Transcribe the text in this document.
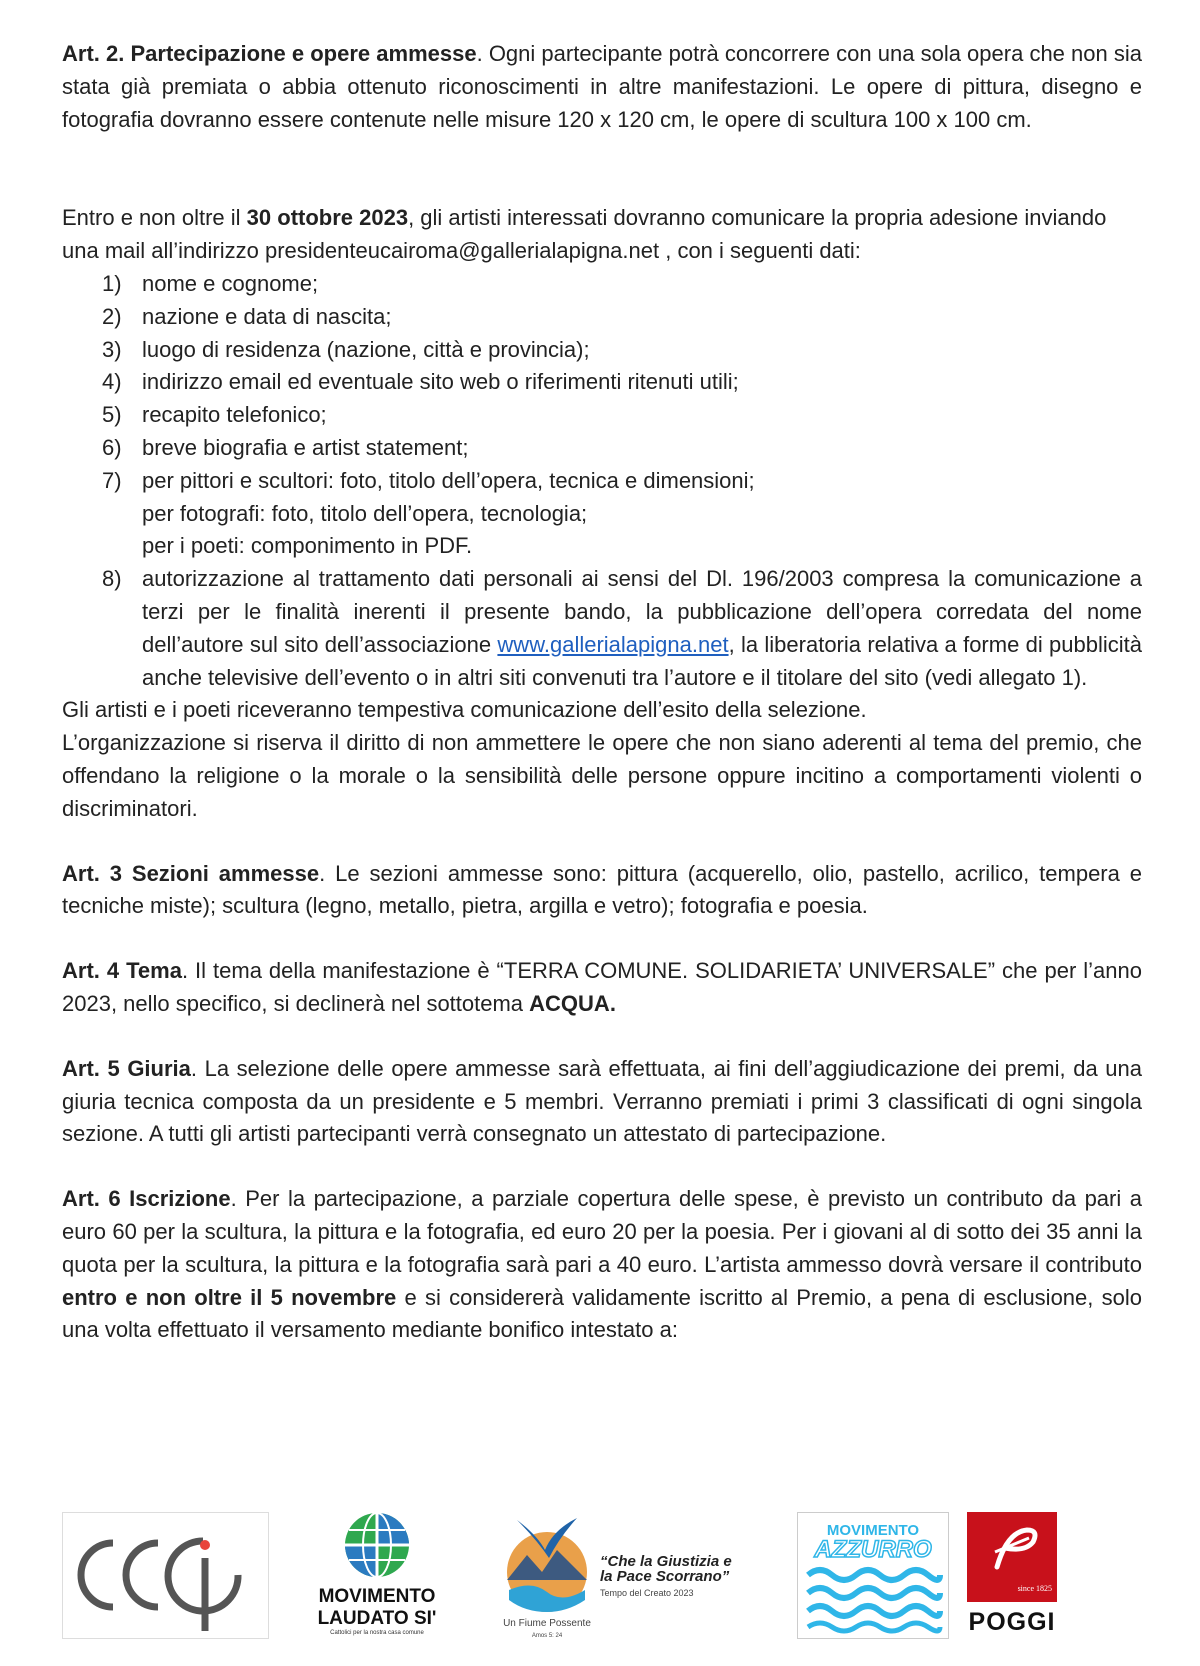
Art. 2. Partecipazione e opere ammesse. Ogni partecipante potrà concorrere con una sola opera che non sia stata già premiata o abbia ottenuto riconoscimenti in altre manifestazioni. Le opere di pittura, disegno e fotografia dovranno essere contenute nelle misure 120 x 120 cm, le opere di scultura 100 x 100 cm.

Entro e non oltre il 30 ottobre 2023, gli artisti interessati dovranno comunicare la propria adesione inviando una mail all’indirizzo presidenteucairoma@gallerialapigna.net , con i seguenti dati:

1) nome e cognome;
2) nazione e data di nascita;
3) luogo di residenza (nazione, città e provincia);
4) indirizzo email ed eventuale sito web o riferimenti ritenuti utili;
5) recapito telefonico;
6) breve biografia e artist statement;
7) per pittori e scultori: foto, titolo dell’opera, tecnica e dimensioni;
per fotografi: foto, titolo dell’opera, tecnologia;
per i poeti: componimento in PDF.
8) autorizzazione al trattamento dati personali ai sensi del Dl. 196/2003 compresa la comunicazione a terzi per le finalità inerenti il presente bando, la pubblicazione dell’opera corredata del nome dell’autore sul sito dell’associazione www.gallerialapigna.net, la liberatoria relativa a forme di pubblicità anche televisive dell’evento o in altri siti convenuti tra l’autore e il titolare del sito (vedi allegato 1).

Gli artisti e i poeti riceveranno tempestiva comunicazione dell’esito della selezione.

L’organizzazione si riserva il diritto di non ammettere le opere che non siano aderenti al tema del premio, che offendano la religione o la morale o la sensibilità delle persone oppure incitino a comportamenti violenti o discriminatori.

Art. 3 Sezioni ammesse. Le sezioni ammesse sono: pittura (acquerello, olio, pastello, acrilico, tempera e tecniche miste); scultura (legno, metallo, pietra, argilla e vetro); fotografia e poesia.

Art. 4 Tema. Il tema della manifestazione è “TERRA COMUNE. SOLIDARIETA’ UNIVERSALE” che per l’anno 2023, nello specifico, si declinerà nel sottotema ACQUA.

Art. 5 Giuria. La selezione delle opere ammesse sarà effettuata, ai fini dell’aggiudicazione dei premi, da una giuria tecnica composta da un presidente e 5 membri. Verranno premiati i primi 3 classificati di ogni singola sezione. A tutti gli artisti partecipanti verrà consegnato un attestato di partecipazione.

Art. 6 Iscrizione. Per la partecipazione, a parziale copertura delle spese, è previsto un contributo da pari a euro 60 per la scultura, la pittura e la fotografia, ed euro 20 per la poesia. Per i giovani al di sotto dei 35 anni la quota per la scultura, la pittura e la fotografia sarà pari a 40 euro. L’artista ammesso dovrà versare il contributo entro e non oltre il 5 novembre e si considererà validamente iscritto al Premio, a pena di esclusione, solo una volta effettuato il versamento mediante bonifico intestato a:

MOVIMENTO
LAUDATO SI'
Cattolici per la nostra casa comune
“Che la Giustizia e
la Pace Scorrano”
Tempo del Creato 2023
Un Fiume Possente
Amos 5: 24
MOVIMENTO
AZZURRO
since 1825
POGGI
